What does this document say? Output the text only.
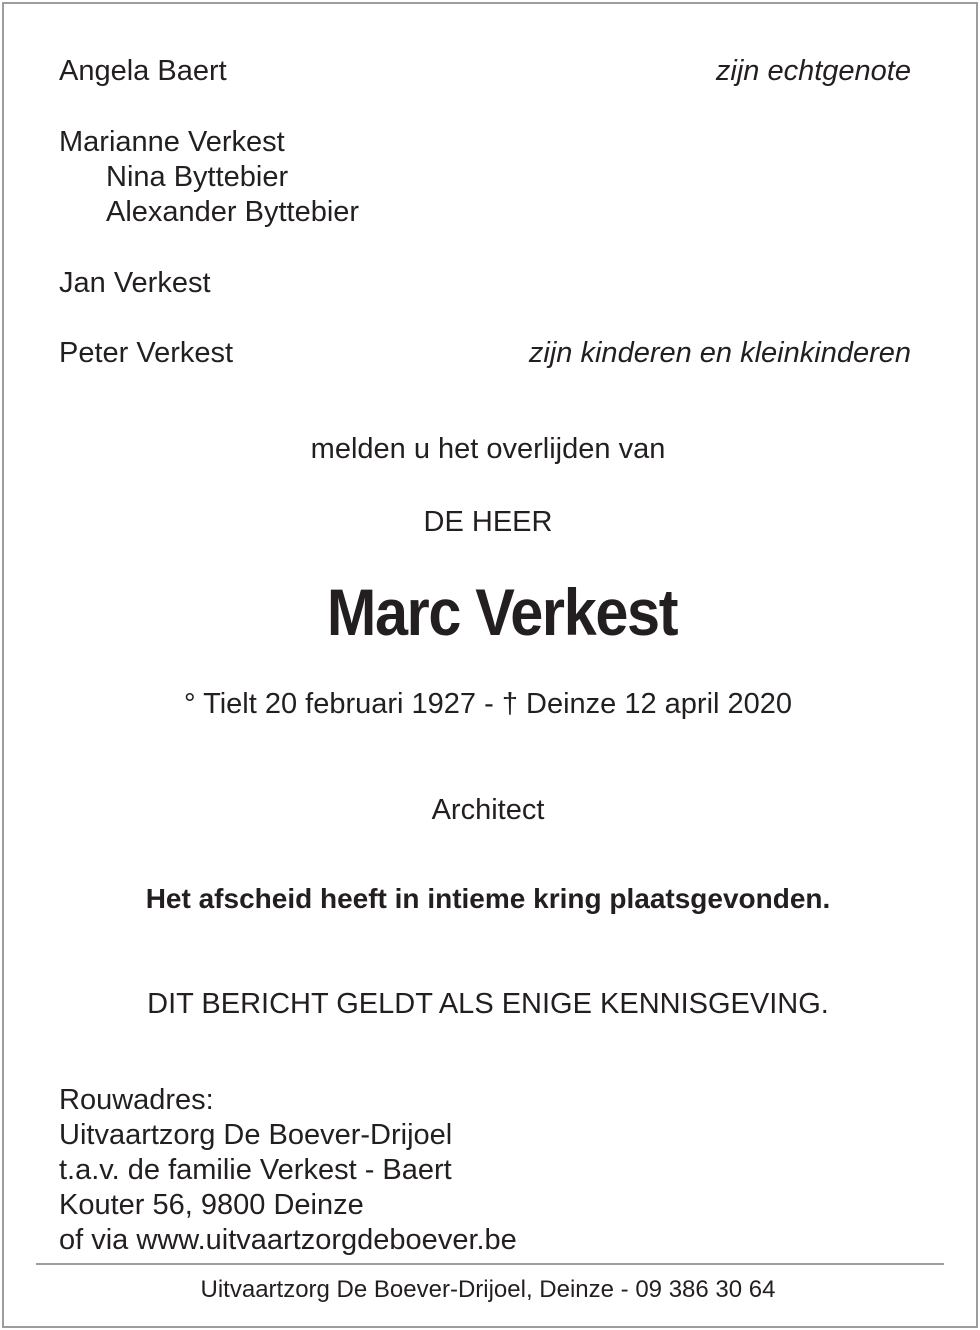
Angela Baert	zijn echtgenote
Marianne Verkest
Nina Byttebier
Alexander Byttebier
Jan Verkest
Peter Verkest	zijn kinderen en kleinkinderen
melden u het overlijden van
DE HEER
Marc Verkest
° Tielt 20 februari 1927 - † Deinze 12 april 2020
Architect
Het afscheid heeft in intieme kring plaatsgevonden.
DIT BERICHT GELDT ALS ENIGE KENNISGEVING.
Rouwadres:
Uitvaartzorg De Boever-Drijoel
t.a.v. de familie Verkest - Baert
Kouter 56, 9800 Deinze
of via www.uitvaartzorgdeboever.be
Uitvaartzorg De Boever-Drijoel, Deinze - 09 386 30 64
